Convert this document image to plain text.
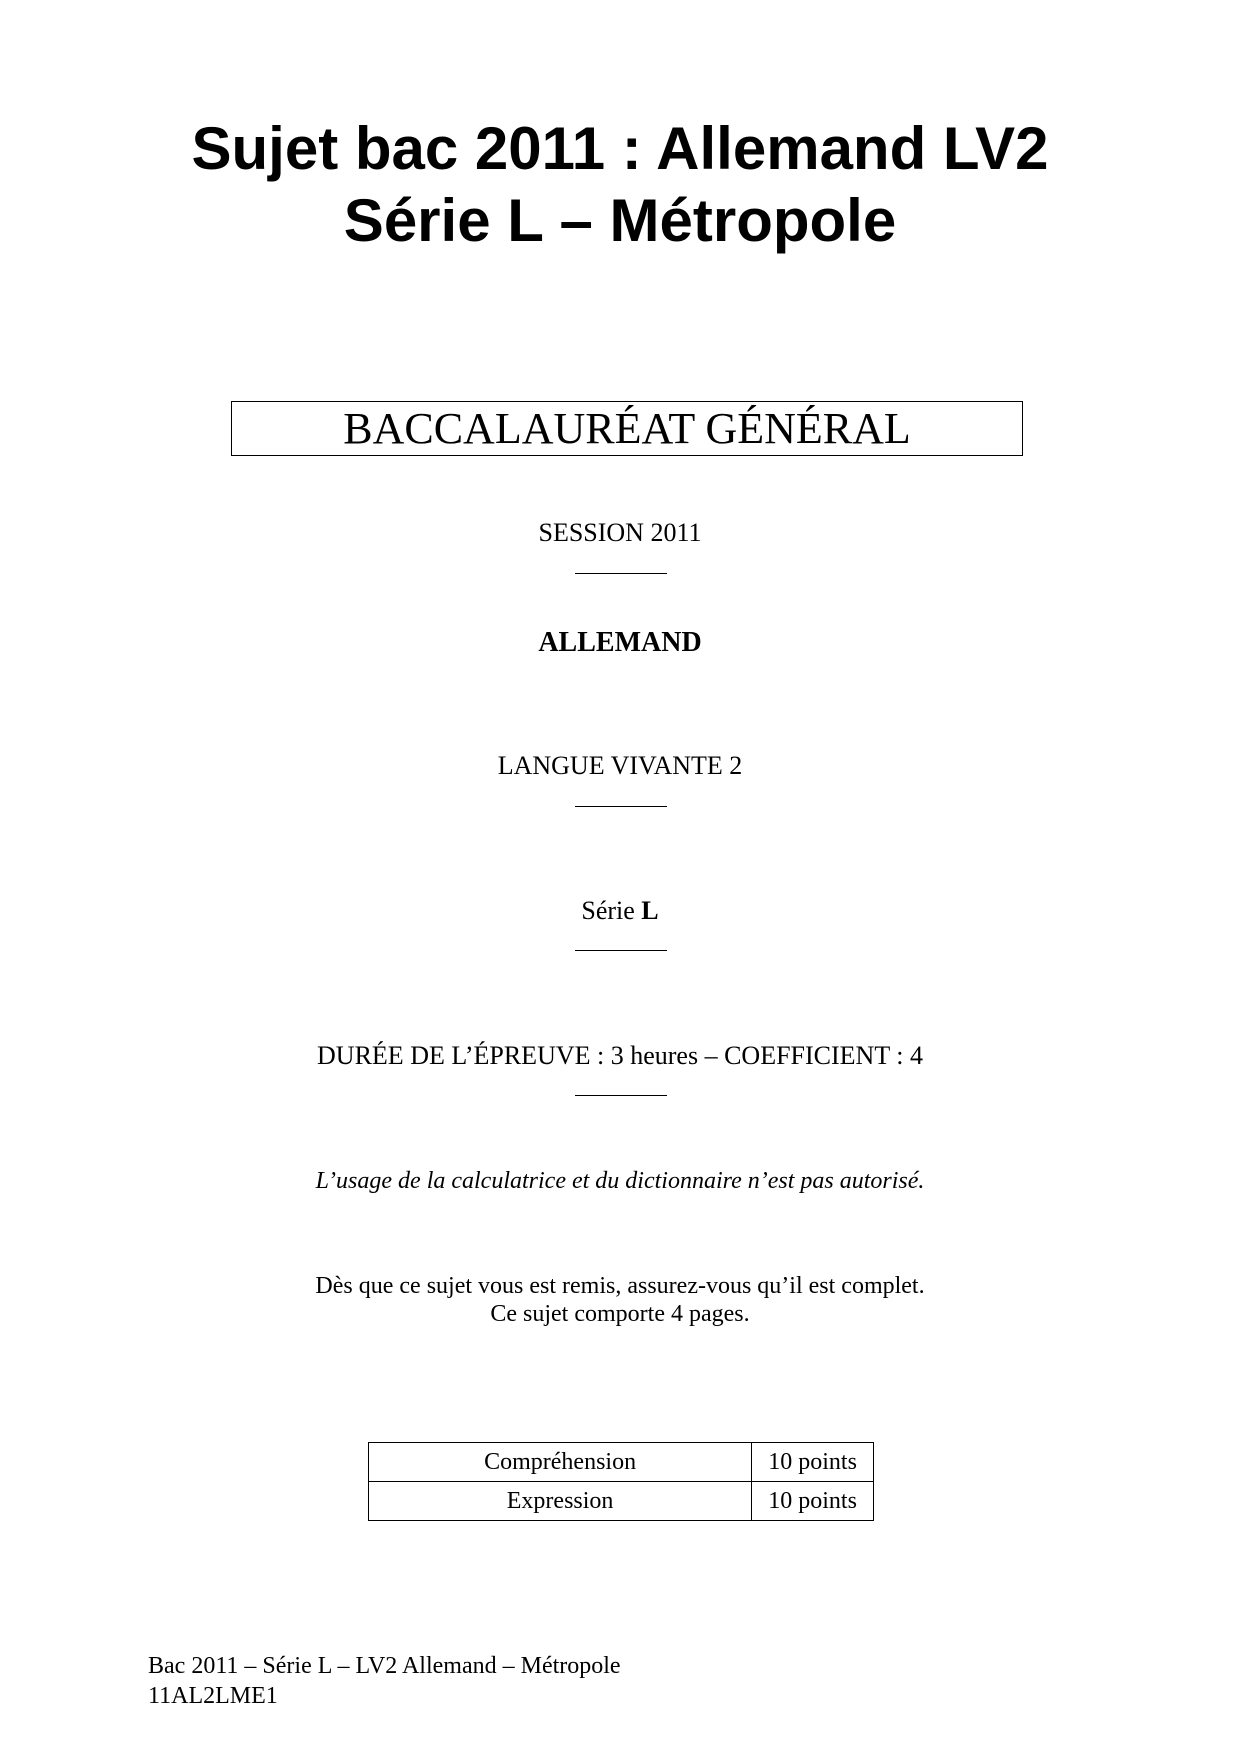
Sujet bac 2011 : Allemand LV2
Série L – Métropole
BACCALAURÉAT GÉNÉRAL
SESSION 2011
ALLEMAND
LANGUE VIVANTE 2
Série L
DURÉE DE L’ÉPREUVE : 3 heures – COEFFICIENT : 4
L’usage de la calculatrice et du dictionnaire n’est pas autorisé.
Dès que ce sujet vous est remis, assurez-vous qu’il est complet.
Ce sujet comporte 4 pages.
Compréhension	10 points
Expression	10 points
Bac 2011 – Série L – LV2 Allemand – Métropole
11AL2LME1
